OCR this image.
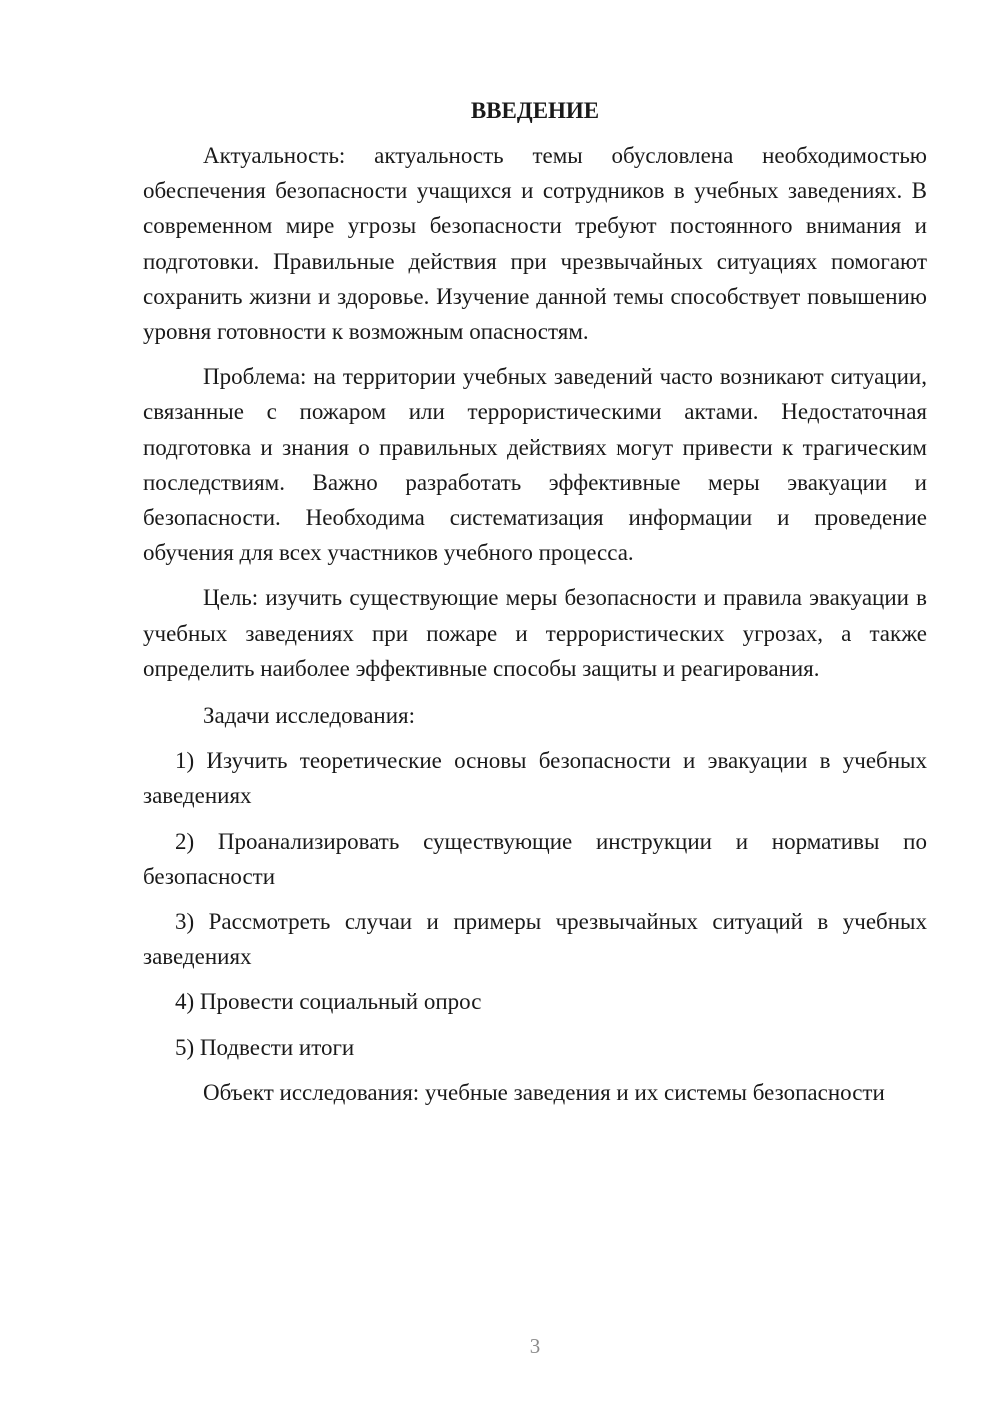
ВВЕДЕНИЕ

Актуальность: актуальность темы обусловлена необходимостью обеспечения безопасности учащихся и сотрудников в учебных заведениях. В современном мире угрозы безопасности требуют постоянного внимания и подготовки. Правильные действия при чрезвычайных ситуациях помогают сохранить жизни и здоровье. Изучение данной темы способствует повышению уровня готовности к возможным опасностям.

Проблема: на территории учебных заведений часто возникают ситуации, связанные с пожаром или террористическими актами. Недостаточная подготовка и знания о правильных действиях могут привести к трагическим последствиям. Важно разработать эффективные меры эвакуации и безопасности. Необходима систематизация информации и проведение обучения для всех участников учебного процесса.

Цель: изучить существующие меры безопасности и правила эвакуации в учебных заведениях при пожаре и террористических угрозах, а также определить наиболее эффективные способы защиты и реагирования.

Задачи исследования:

1) Изучить теоретические основы безопасности и эвакуации в учебных заведениях
2) Проанализировать существующие инструкции и нормативы по безопасности
3) Рассмотреть случаи и примеры чрезвычайных ситуаций в учебных заведениях
4) Провести социальный опрос
5) Подвести итоги

Объект исследования: учебные заведения и их системы безопасности

3
